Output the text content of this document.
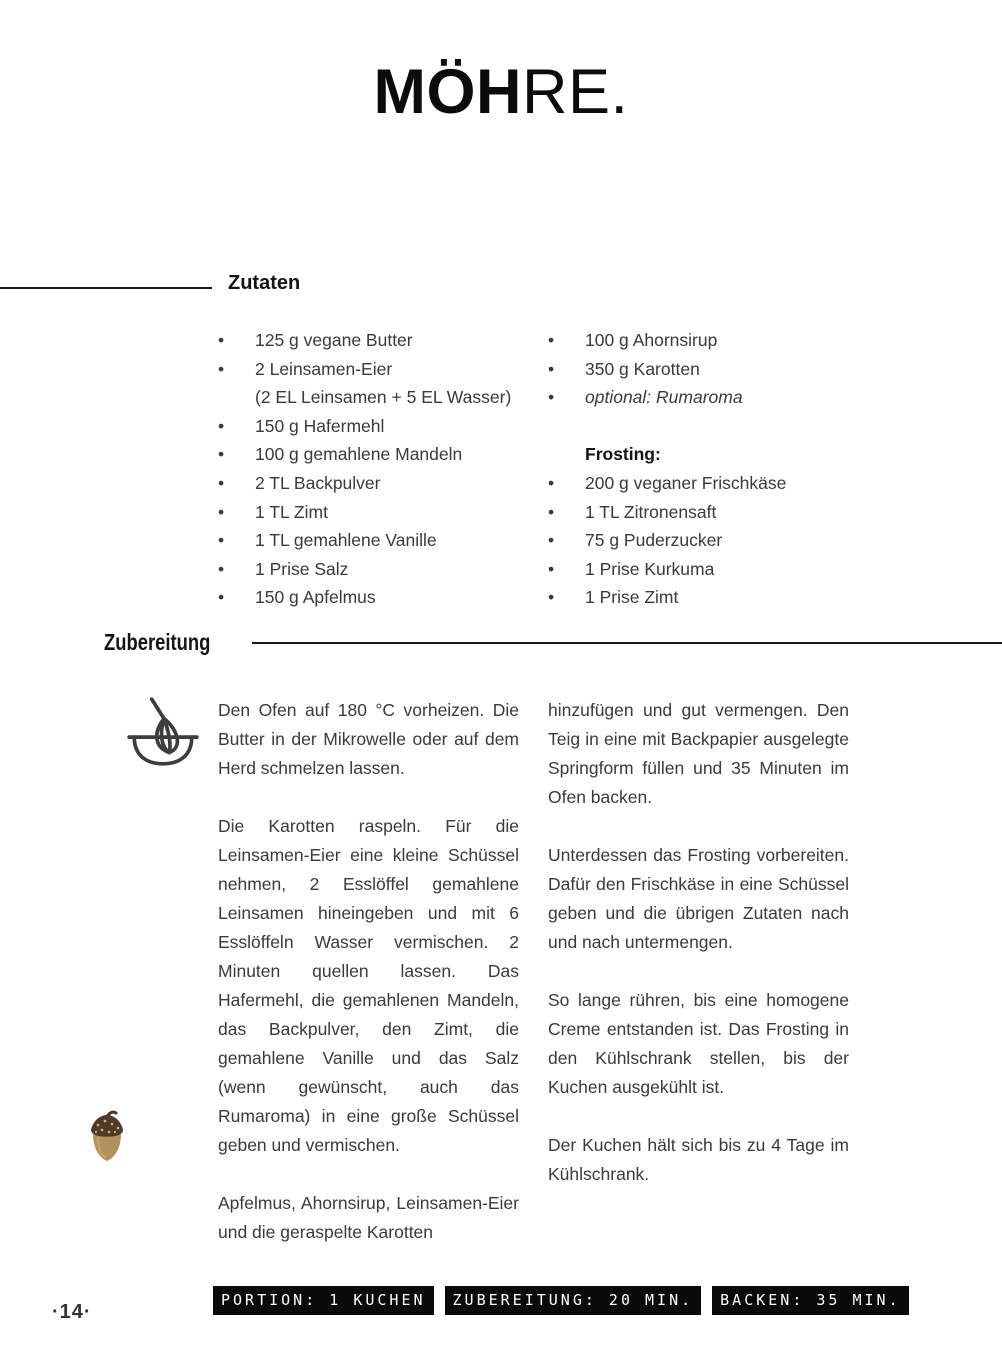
MÖHRE.
Zutaten
•	125 g vegane Butter
•	2 Leinsamen-Eier
(2 EL Leinsamen + 5 EL Wasser)
•	150 g Hafermehl
•	100 g gemahlene Mandeln
•	2 TL Backpulver
•	1 TL Zimt
•	1 TL gemahlene Vanille
•	1 Prise Salz
•	150 g Apfelmus
•	100 g Ahornsirup
•	350 g Karotten
•	optional: Rumaroma
Frosting:
•	200 g veganer Frischkäse
•	1 TL Zitronensaft
•	75 g Puderzucker
•	1 Prise Kurkuma
•	1 Prise Zimt
Zubereitung

Den Ofen auf 180 °C vorheizen. Die Butter in der Mikrowelle oder auf dem Herd schmelzen lassen.

Die Karotten raspeln. Für die Leinsamen-Eier eine kleine Schüssel nehmen, 2 Esslöffel gemahlene Leinsamen hineingeben und mit 6 Esslöffeln Wasser vermischen. 2 Minuten quellen lassen. Das Hafermehl, die gemahlenen Mandeln, das Backpulver, den Zimt, die gemahlene Vanille und das Salz (wenn gewünscht, auch das Rumaroma) in eine große Schüssel geben und vermischen.

Apfelmus, Ahornsirup, Leinsamen-Eier und die geraspelte Karotten

hinzufügen und gut vermengen. Den Teig in eine mit Backpapier ausgelegte Springform füllen und 35 Minuten im Ofen backen.

Unterdessen das Frosting vorbereiten. Dafür den Frischkäse in eine Schüssel geben und die übrigen Zutaten nach und nach untermengen.

So lange rühren, bis eine homogene Creme entstanden ist. Das Frosting in den Kühlschrank stellen, bis der Kuchen ausgekühlt ist.

Der Kuchen hält sich bis zu 4 Tage im Kühlschrank.

PORTION: 1 KUCHEN	ZUBEREITUNG: 20 MIN.	BACKEN: 35 MIN.
·14·
